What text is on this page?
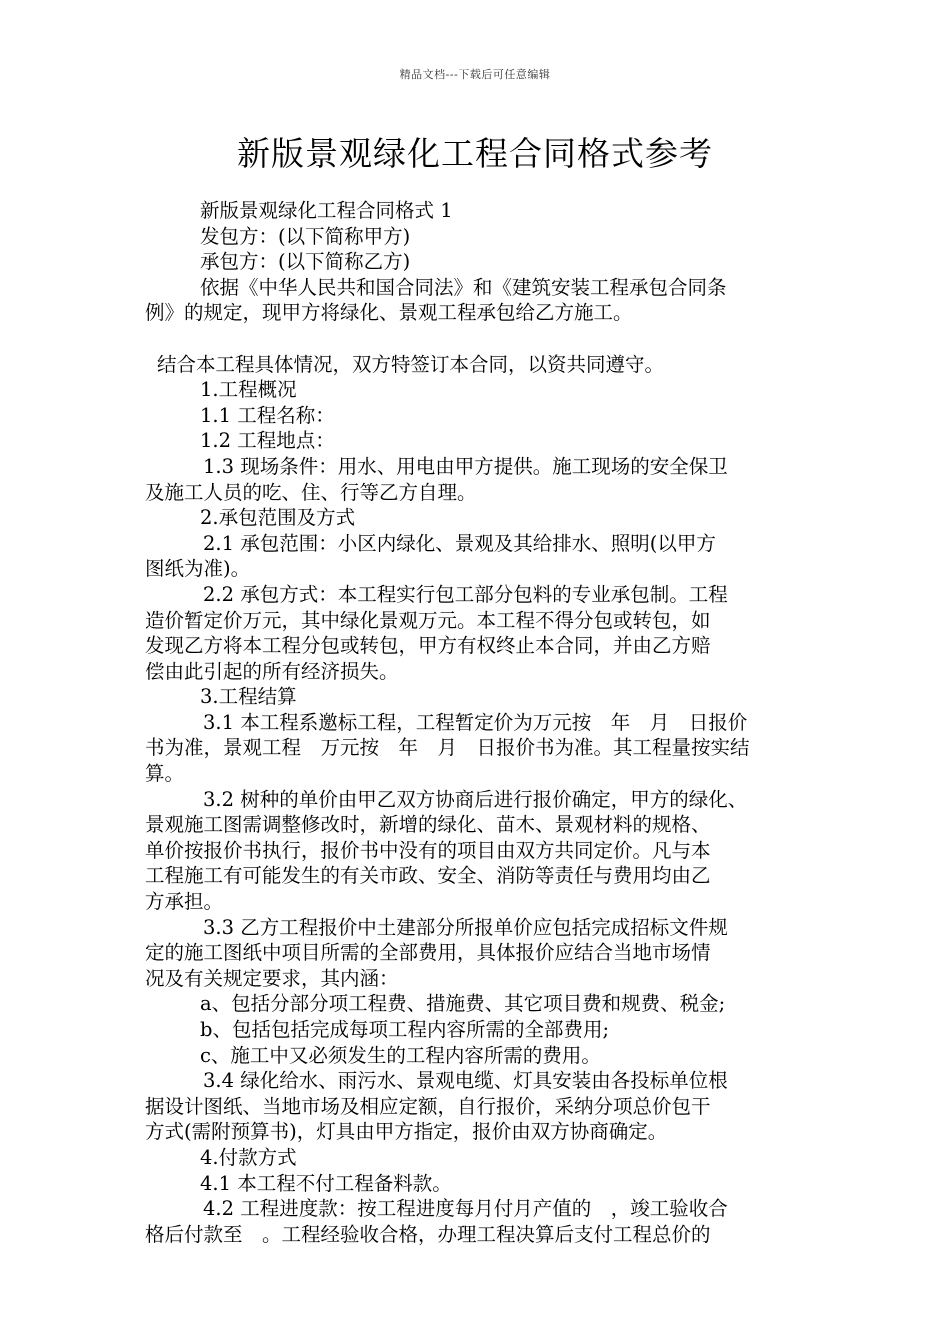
精品文档---下载后可任意编辑
新版景观绿化工程合同格式参考

新版景观绿化工程合同格式 1

发包方：(以下简称甲方)

承包方：(以下简称乙方)

依据《中华人民共和国合同法》和《建筑安装工程承包合同条

例》的规定，现甲方将绿化、景观工程承包给乙方施工。

结合本工程具体情况，双方特签订本合同，以资共同遵守。

1.工程概况

1.1 工程名称：

1.2 工程地点：

1.3 现场条件：用水、用电由甲方提供。施工现场的安全保卫

及施工人员的吃、住、行等乙方自理。

2.承包范围及方式

2.1 承包范围：小区内绿化、景观及其给排水、照明(以甲方

图纸为准)。

2.2 承包方式：本工程实行包工部分包料的专业承包制。工程

造价暂定价万元，其中绿化景观万元。本工程不得分包或转包，如

发现乙方将本工程分包或转包，甲方有权终止本合同，并由乙方赔

偿由此引起的所有经济损失。

3.工程结算

3.1 本工程系邀标工程，工程暂定价为万元按　年　月　日报价

书为准，景观工程　万元按　年　月　日报价书为准。其工程量按实结

算。

3.2 树种的单价由甲乙双方协商后进行报价确定，甲方的绿化、

景观施工图需调整修改时，新增的绿化、苗木、景观材料的规格、

单价按报价书执行，报价书中没有的项目由双方共同定价。凡与本

工程施工有可能发生的有关市政、安全、消防等责任与费用均由乙

方承担。

3.3 乙方工程报价中土建部分所报单价应包括完成招标文件规

定的施工图纸中项目所需的全部费用，具体报价应结合当地市场情

况及有关规定要求，其内涵：

a、包括分部分项工程费、措施费、其它项目费和规费、税金;

b、包括包括完成每项工程内容所需的全部费用;

c、施工中又必须发生的工程内容所需的费用。

3.4 绿化给水、雨污水、景观电缆、灯具安装由各投标单位根

据设计图纸、当地市场及相应定额，自行报价，采纳分项总价包干

方式(需附预算书)，灯具由甲方指定，报价由双方协商确定。

4.付款方式

4.1 本工程不付工程备料款。

4.2 工程进度款：按工程进度每月付月产值的　，竣工验收合

格后付款至　。工程经验收合格，办理工程决算后支付工程总价的
